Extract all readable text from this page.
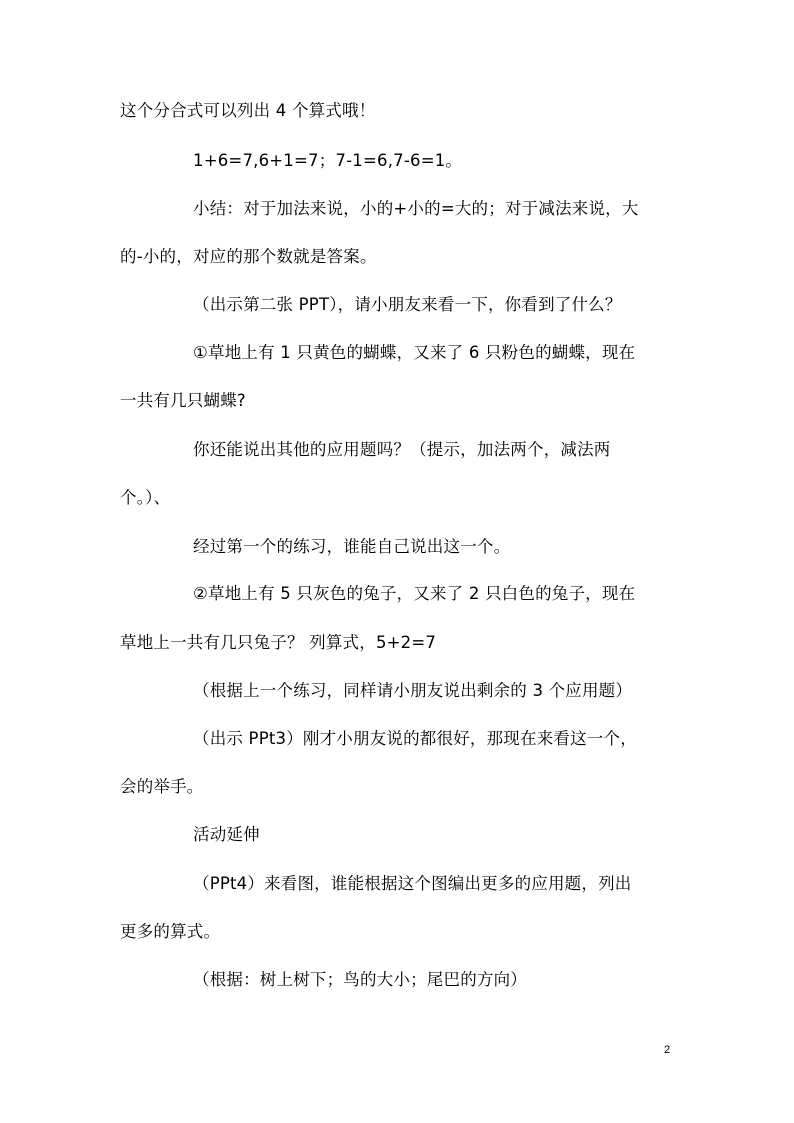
这个分合式可以列出 4 个算式哦！
1+6=7,6+1=7；7-1=6,7-6=1。
小结：对于加法来说，小的+小的=大的；对于减法来说，大
的-小的，对应的那个数就是答案。
（出示第二张 PPT），请小朋友来看一下，你看到了什么？
①草地上有 1 只黄色的蝴蝶，又来了 6 只粉色的蝴蝶，现在
一共有几只蝴蝶?
你还能说出其他的应用题吗？（提示，加法两个，减法两
个。）、
经过第一个的练习，谁能自己说出这一个。
②草地上有 5 只灰色的兔子，又来了 2 只白色的兔子，现在
草地上一共有几只兔子？ 列算式，5+2=7
（根据上一个练习，同样请小朋友说出剩余的 3 个应用题）
（出示 PPt3）刚才小朋友说的都很好，那现在来看这一个，
会的举手。
活动延伸
（PPt4）来看图，谁能根据这个图编出更多的应用题，列出
更多的算式。
（根据：树上树下；鸟的大小；尾巴的方向）
2
